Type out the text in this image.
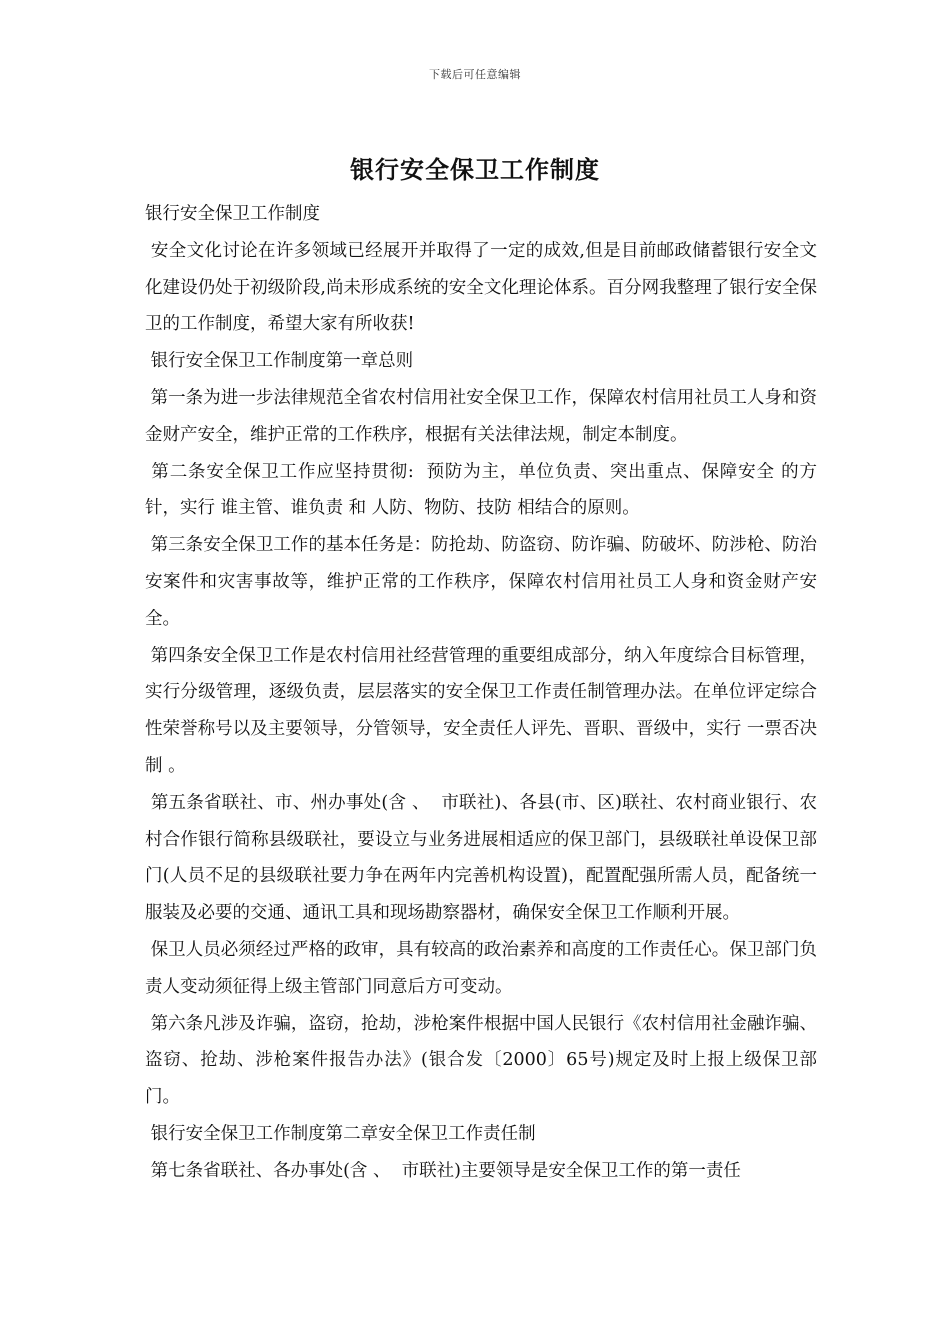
下载后可任意编辑
银行安全保卫工作制度

银行安全保卫工作制度

安全文化讨论在许多领域已经展开并取得了一定的成效,但是目前邮政储蓄银行安全文化建设仍处于初级阶段,尚未形成系统的安全文化理论体系。百分网我整理了银行安全保卫的工作制度，希望大家有所收获!

银行安全保卫工作制度第一章总则

第一条为进一步法律规范全省农村信用社安全保卫工作，保障农村信用社员工人身和资金财产安全，维护正常的工作秩序，根据有关法律法规，制定本制度。

第二条安全保卫工作应坚持贯彻:  预防为主，单位负责、突出重点、保障安全 的方针，实行 谁主管、谁负责 和 人防、物防、技防 相结合的原则。

第三条安全保卫工作的基本任务是：防抢劫、防盗窃、防诈骗、防破坏、防涉枪、防治安案件和灾害事故等，维护正常的工作秩序，保障农村信用社员工人身和资金财产安全。

第四条安全保卫工作是农村信用社经营管理的重要组成部分，纳入年度综合目标管理，实行分级管理，逐级负责，层层落实的安全保卫工作责任制管理办法。在单位评定综合性荣誉称号以及主要领导，分管领导，安全责任人评先、晋职、晋级中，实行 一票否决制 。

第五条省联社、市、州办事处(含 、  市联社)、各县(市、区)联社、农村商业银行、农村合作银行简称县级联社，要设立与业务进展相适应的保卫部门，县级联社单设保卫部门(人员不足的县级联社要力争在两年内完善机构设置)，配置配强所需人员，配备统一服装及必要的交通、通讯工具和现场勘察器材，确保安全保卫工作顺利开展。

保卫人员必须经过严格的政审，具有较高的政治素养和高度的工作责任心。保卫部门负责人变动须征得上级主管部门同意后方可变动。

第六条凡涉及诈骗，盗窃，抢劫，涉枪案件根据中国人民银行《农村信用社金融诈骗、盗窃、抢劫、涉枪案件报告办法》(银合发〔2000〕65号)规定及时上报上级保卫部门。

银行安全保卫工作制度第二章安全保卫工作责任制

第七条省联社、各办事处(含 、  市联社)主要领导是安全保卫工作的第一责任
